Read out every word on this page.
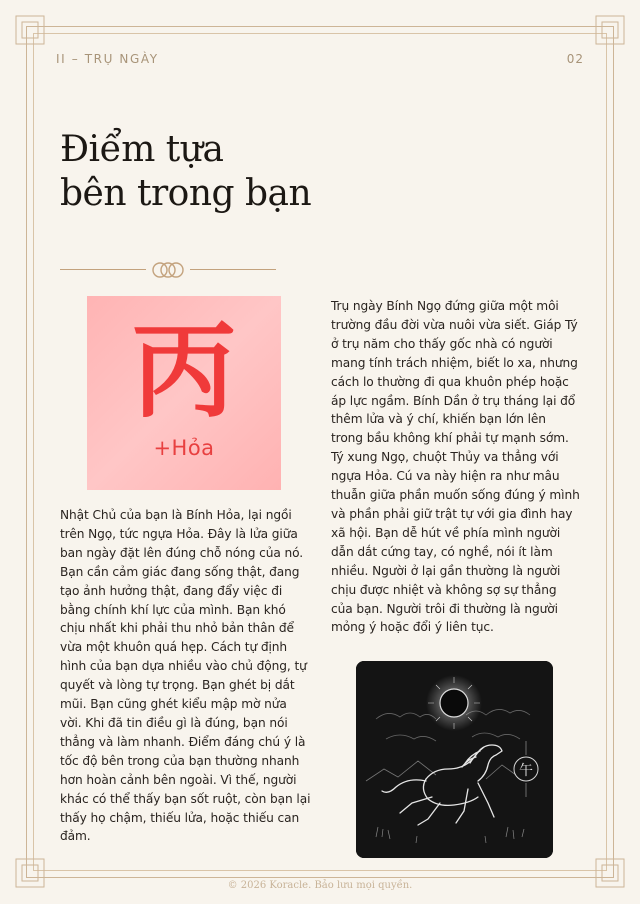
II – TRỤ NGÀY	02
Điểm tựa
bên trong bạn
丙
+Hỏa

Nhật Chủ của bạn là Bính Hỏa, lại ngồi trên Ngọ, tức ngựa Hỏa. Đây là lửa giữa ban ngày đặt lên đúng chỗ nóng của nó. Bạn cần cảm giác đang sống thật, đang tạo ảnh hưởng thật, đang đẩy việc đi bằng chính khí lực của mình. Bạn khó chịu nhất khi phải thu nhỏ bản thân để vừa một khuôn quá hẹp. Cách tự định hình của bạn dựa nhiều vào chủ động, tự quyết và lòng tự trọng. Bạn ghét bị dắt mũi. Bạn cũng ghét kiểu mập mờ nửa vời. Khi đã tin điều gì là đúng, bạn nói thẳng và làm nhanh. Điểm đáng chú ý là tốc độ bên trong của bạn thường nhanh hơn hoàn cảnh bên ngoài. Vì thế, người khác có thể thấy bạn sốt ruột, còn bạn lại thấy họ chậm, thiếu lửa, hoặc thiếu can đảm.

Trụ ngày Bính Ngọ đứng giữa một môi trường đầu đời vừa nuôi vừa siết. Giáp Tý ở trụ năm cho thấy gốc nhà có người mang tính trách nhiệm, biết lo xa, nhưng cách lo thường đi qua khuôn phép hoặc áp lực ngầm. Bính Dần ở trụ tháng lại đổ thêm lửa và ý chí, khiến bạn lớn lên trong bầu không khí phải tự mạnh sớm. Tý xung Ngọ, chuột Thủy va thẳng với ngựa Hỏa. Cú va này hiện ra như mâu thuẫn giữa phần muốn sống đúng ý mình và phần phải giữ trật tự với gia đình hay xã hội. Bạn dễ hút về phía mình người dẫn dắt cứng tay, có nghề, nói ít làm nhiều. Người ở lại gần thường là người chịu được nhiệt và không sợ sự thẳng của bạn. Người trôi đi thường là người mỏng ý hoặc đổi ý liên tục.

午
© 2026 Koracle. Bảo lưu mọi quyền.
